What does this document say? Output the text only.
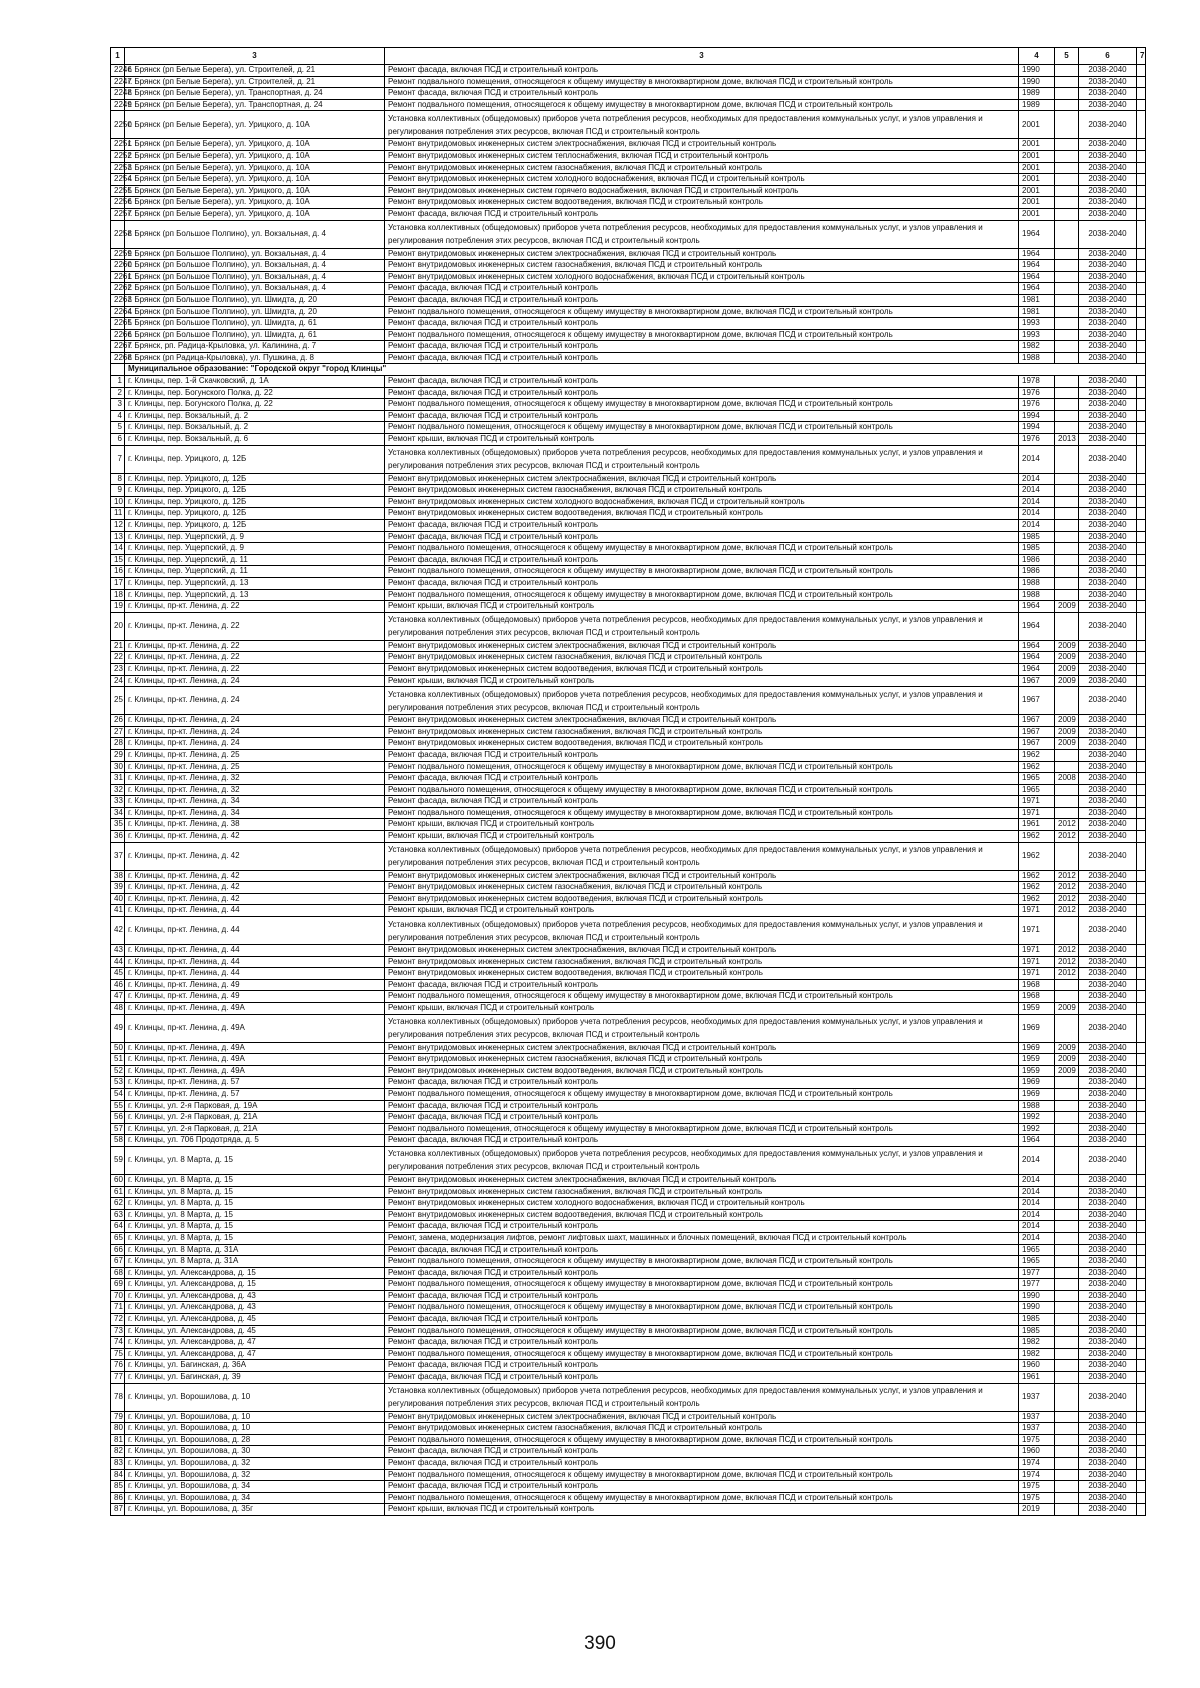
1	3	3	4	5	6	7
2246	г. Брянск (рп Белые Берега), ул. Строителей, д. 21	Ремонт фасада, включая ПСД и строительный контроль	1990		2038-2040	
2247	г. Брянск (рп Белые Берега), ул. Строителей, д. 21	Ремонт подвального помещения, относящегося к общему имуществу в многоквартирном доме, включая ПСД и строительный контроль	1990		2038-2040	
2248	г. Брянск (рп Белые Берега), ул. Транспортная, д. 24	Ремонт фасада, включая ПСД и строительный контроль	1989		2038-2040	
2249	г. Брянск (рп Белые Берега), ул. Транспортная, д. 24	Ремонт подвального помещения, относящегося к общему имуществу в многоквартирном доме, включая ПСД и строительный контроль	1989		2038-2040	
2250	г. Брянск (рп Белые Берега), ул. Урицкого, д. 10А	Установка коллективных (общедомовых) приборов учета потребления ресурсов, необходимых для предоставления коммунальных услуг, и узлов управления и регулирования потребления этих ресурсов, включая ПСД и строительный контроль	2001		2038-2040	
2251	г. Брянск (рп Белые Берега), ул. Урицкого, д. 10А	Ремонт внутридомовых инженерных систем электроснабжения, включая ПСД и строительный контроль	2001		2038-2040	
2252	г. Брянск (рп Белые Берега), ул. Урицкого, д. 10А	Ремонт внутридомовых инженерных систем теплоснабжения, включая ПСД и строительный контроль	2001		2038-2040	
2253	г. Брянск (рп Белые Берега), ул. Урицкого, д. 10А	Ремонт внутридомовых инженерных систем газоснабжения, включая ПСД и строительный контроль	2001		2038-2040	
2254	г. Брянск (рп Белые Берега), ул. Урицкого, д. 10А	Ремонт внутридомовых инженерных систем холодного водоснабжения, включая ПСД и строительный контроль	2001		2038-2040	
2255	г. Брянск (рп Белые Берега), ул. Урицкого, д. 10А	Ремонт внутридомовых инженерных систем горячего водоснабжения, включая ПСД и строительный контроль	2001		2038-2040	
2256	г. Брянск (рп Белые Берега), ул. Урицкого, д. 10А	Ремонт внутридомовых инженерных систем водоотведения, включая ПСД и строительный контроль	2001		2038-2040	
2257	г. Брянск (рп Белые Берега), ул. Урицкого, д. 10А	Ремонт фасада, включая ПСД и строительный контроль	2001		2038-2040	
2258	г. Брянск (рп Большое Полпино), ул. Вокзальная, д. 4	Установка коллективных (общедомовых) приборов учета потребления ресурсов, необходимых для предоставления коммунальных услуг, и узлов управления и регулирования потребления этих ресурсов, включая ПСД и строительный контроль	1964		2038-2040	
2259	г. Брянск (рп Большое Полпино), ул. Вокзальная, д. 4	Ремонт внутридомовых инженерных систем электроснабжения, включая ПСД и строительный контроль	1964		2038-2040	
2260	г. Брянск (рп Большое Полпино), ул. Вокзальная, д. 4	Ремонт внутридомовых инженерных систем газоснабжения, включая ПСД и строительный контроль	1964		2038-2040	
2261	г. Брянск (рп Большое Полпино), ул. Вокзальная, д. 4	Ремонт внутридомовых инженерных систем холодного водоснабжения, включая ПСД и строительный контроль	1964		2038-2040	
2262	г. Брянск (рп Большое Полпино), ул. Вокзальная, д. 4	Ремонт фасада, включая ПСД и строительный контроль	1964		2038-2040	
2263	г. Брянск (рп Большое Полпино), ул. Шмидта, д. 20	Ремонт фасада, включая ПСД и строительный контроль	1981		2038-2040	
2264	г. Брянск (рп Большое Полпино), ул. Шмидта, д. 20	Ремонт подвального помещения, относящегося к общему имуществу в многоквартирном доме, включая ПСД и строительный контроль	1981		2038-2040	
2265	г. Брянск (рп Большое Полпино), ул. Шмидта, д. 61	Ремонт фасада, включая ПСД и строительный контроль	1993		2038-2040	
2266	г. Брянск (рп Большое Полпино), ул. Шмидта, д. 61	Ремонт подвального помещения, относящегося к общему имуществу в многоквартирном доме, включая ПСД и строительный контроль	1993		2038-2040	
2267	г. Брянск, рп. Радица-Крыловка, ул. Калинина, д. 7	Ремонт фасада, включая ПСД и строительный контроль	1982		2038-2040	
2268	г. Брянск (рп Радица-Крыловка), ул. Пушкина, д. 8	Ремонт фасада, включая ПСД и строительный контроль	1988		2038-2040	
	Муниципальное образование: "Городской округ "город Клинцы"					
1	г. Клинцы, пер. 1-й Скачковский, д. 1А	Ремонт фасада, включая ПСД и строительный контроль	1978		2038-2040	
2	г. Клинцы, пер. Богунского Полка, д. 22	Ремонт фасада, включая ПСД и строительный контроль	1976		2038-2040	
3	г. Клинцы, пер. Богунского Полка, д. 22	Ремонт подвального помещения, относящегося к общему имуществу в многоквартирном доме, включая ПСД и строительный контроль	1976		2038-2040	
4	г. Клинцы, пер. Вокзальный, д. 2	Ремонт фасада, включая ПСД и строительный контроль	1994		2038-2040	
5	г. Клинцы, пер. Вокзальный, д. 2	Ремонт подвального помещения, относящегося к общему имуществу в многоквартирном доме, включая ПСД и строительный контроль	1994		2038-2040	
6	г. Клинцы, пер. Вокзальный, д. 6	Ремонт крыши, включая ПСД и строительный контроль	1976	2013	2038-2040	
7	г. Клинцы, пер. Урицкого, д. 12Б	Установка коллективных (общедомовых) приборов учета потребления ресурсов, необходимых для предоставления коммунальных услуг, и узлов управления и регулирования потребления этих ресурсов, включая ПСД и строительный контроль	2014		2038-2040	
8	г. Клинцы, пер. Урицкого, д. 12Б	Ремонт внутридомовых инженерных систем электроснабжения, включая ПСД и строительный контроль	2014		2038-2040	
9	г. Клинцы, пер. Урицкого, д. 12Б	Ремонт внутридомовых инженерных систем газоснабжения, включая ПСД и строительный контроль	2014		2038-2040	
10	г. Клинцы, пер. Урицкого, д. 12Б	Ремонт внутридомовых инженерных систем холодного водоснабжения, включая ПСД и строительный контроль	2014		2038-2040	
11	г. Клинцы, пер. Урицкого, д. 12Б	Ремонт внутридомовых инженерных систем водоотведения, включая ПСД и строительный контроль	2014		2038-2040	
12	г. Клинцы, пер. Урицкого, д. 12Б	Ремонт фасада, включая ПСД и строительный контроль	2014		2038-2040	
13	г. Клинцы, пер. Ущерпский, д. 9	Ремонт фасада, включая ПСД и строительный контроль	1985		2038-2040	
14	г. Клинцы, пер. Ущерпский, д. 9	Ремонт подвального помещения, относящегося к общему имуществу в многоквартирном доме, включая ПСД и строительный контроль	1985		2038-2040	
15	г. Клинцы, пер. Ущерпский, д. 11	Ремонт фасада, включая ПСД и строительный контроль	1986		2038-2040	
16	г. Клинцы, пер. Ущерпский, д. 11	Ремонт подвального помещения, относящегося к общему имуществу в многоквартирном доме, включая ПСД и строительный контроль	1986		2038-2040	
17	г. Клинцы, пер. Ущерпский, д. 13	Ремонт фасада, включая ПСД и строительный контроль	1988		2038-2040	
18	г. Клинцы, пер. Ущерпский, д. 13	Ремонт подвального помещения, относящегося к общему имуществу в многоквартирном доме, включая ПСД и строительный контроль	1988		2038-2040	
19	г. Клинцы, пр-кт. Ленина, д. 22	Ремонт крыши, включая ПСД и строительный контроль	1964	2009	2038-2040	
20	г. Клинцы, пр-кт. Ленина, д. 22	Установка коллективных (общедомовых) приборов учета потребления ресурсов, необходимых для предоставления коммунальных услуг, и узлов управления и регулирования потребления этих ресурсов, включая ПСД и строительный контроль	1964		2038-2040	
21	г. Клинцы, пр-кт. Ленина, д. 22	Ремонт внутридомовых инженерных систем электроснабжения, включая ПСД и строительный контроль	1964	2009	2038-2040	
22	г. Клинцы, пр-кт. Ленина, д. 22	Ремонт внутридомовых инженерных систем газоснабжения, включая ПСД и строительный контроль	1964	2009	2038-2040	
23	г. Клинцы, пр-кт. Ленина, д. 22	Ремонт внутридомовых инженерных систем водоотведения, включая ПСД и строительный контроль	1964	2009	2038-2040	
24	г. Клинцы, пр-кт. Ленина, д. 24	Ремонт крыши, включая ПСД и строительный контроль	1967	2009	2038-2040	
25	г. Клинцы, пр-кт. Ленина, д. 24	Установка коллективных (общедомовых) приборов учета потребления ресурсов, необходимых для предоставления коммунальных услуг, и узлов управления и регулирования потребления этих ресурсов, включая ПСД и строительный контроль	1967		2038-2040	
26	г. Клинцы, пр-кт. Ленина, д. 24	Ремонт внутридомовых инженерных систем электроснабжения, включая ПСД и строительный контроль	1967	2009	2038-2040	
27	г. Клинцы, пр-кт. Ленина, д. 24	Ремонт внутридомовых инженерных систем газоснабжения, включая ПСД и строительный контроль	1967	2009	2038-2040	
28	г. Клинцы, пр-кт. Ленина, д. 24	Ремонт внутридомовых инженерных систем водоотведения, включая ПСД и строительный контроль	1967	2009	2038-2040	
29	г. Клинцы, пр-кт. Ленина, д. 25	Ремонт фасада, включая ПСД и строительный контроль	1962		2038-2040	
30	г. Клинцы, пр-кт. Ленина, д. 25	Ремонт подвального помещения, относящегося к общему имуществу в многоквартирном доме, включая ПСД и строительный контроль	1962		2038-2040	
31	г. Клинцы, пр-кт. Ленина, д. 32	Ремонт фасада, включая ПСД и строительный контроль	1965	2008	2038-2040	
32	г. Клинцы, пр-кт. Ленина, д. 32	Ремонт подвального помещения, относящегося к общему имуществу в многоквартирном доме, включая ПСД и строительный контроль	1965		2038-2040	
33	г. Клинцы, пр-кт. Ленина, д. 34	Ремонт фасада, включая ПСД и строительный контроль	1971		2038-2040	
34	г. Клинцы, пр-кт. Ленина, д. 34	Ремонт подвального помещения, относящегося к общему имуществу в многоквартирном доме, включая ПСД и строительный контроль	1971		2038-2040	
35	г. Клинцы, пр-кт. Ленина, д. 38	Ремонт крыши, включая ПСД и строительный контроль	1961	2012	2038-2040	
36	г. Клинцы, пр-кт. Ленина, д. 42	Ремонт крыши, включая ПСД и строительный контроль	1962	2012	2038-2040	
37	г. Клинцы, пр-кт. Ленина, д. 42	Установка коллективных (общедомовых) приборов учета потребления ресурсов, необходимых для предоставления коммунальных услуг, и узлов управления и регулирования потребления этих ресурсов, включая ПСД и строительный контроль	1962		2038-2040	
38	г. Клинцы, пр-кт. Ленина, д. 42	Ремонт внутридомовых инженерных систем электроснабжения, включая ПСД и строительный контроль	1962	2012	2038-2040	
39	г. Клинцы, пр-кт. Ленина, д. 42	Ремонт внутридомовых инженерных систем газоснабжения, включая ПСД и строительный контроль	1962	2012	2038-2040	
40	г. Клинцы, пр-кт. Ленина, д. 42	Ремонт внутридомовых инженерных систем водоотведения, включая ПСД и строительный контроль	1962	2012	2038-2040	
41	г. Клинцы, пр-кт. Ленина, д. 44	Ремонт крыши, включая ПСД и строительный контроль	1971	2012	2038-2040	
42	г. Клинцы, пр-кт. Ленина, д. 44	Установка коллективных (общедомовых) приборов учета потребления ресурсов, необходимых для предоставления коммунальных услуг, и узлов управления и регулирования потребления этих ресурсов, включая ПСД и строительный контроль	1971		2038-2040	
43	г. Клинцы, пр-кт. Ленина, д. 44	Ремонт внутридомовых инженерных систем электроснабжения, включая ПСД и строительный контроль	1971	2012	2038-2040	
44	г. Клинцы, пр-кт. Ленина, д. 44	Ремонт внутридомовых инженерных систем газоснабжения, включая ПСД и строительный контроль	1971	2012	2038-2040	
45	г. Клинцы, пр-кт. Ленина, д. 44	Ремонт внутридомовых инженерных систем водоотведения, включая ПСД и строительный контроль	1971	2012	2038-2040	
46	г. Клинцы, пр-кт. Ленина, д. 49	Ремонт фасада, включая ПСД и строительный контроль	1968		2038-2040	
47	г. Клинцы, пр-кт. Ленина, д. 49	Ремонт подвального помещения, относящегося к общему имуществу в многоквартирном доме, включая ПСД и строительный контроль	1968		2038-2040	
48	г. Клинцы, пр-кт. Ленина, д. 49А	Ремонт крыши, включая ПСД и строительный контроль	1959	2009	2038-2040	
49	г. Клинцы, пр-кт. Ленина, д. 49А	Установка коллективных (общедомовых) приборов учета потребления ресурсов, необходимых для предоставления коммунальных услуг, и узлов управления и регулирования потребления этих ресурсов, включая ПСД и строительный контроль	1969		2038-2040	
50	г. Клинцы, пр-кт. Ленина, д. 49А	Ремонт внутридомовых инженерных систем электроснабжения, включая ПСД и строительный контроль	1969	2009	2038-2040	
51	г. Клинцы, пр-кт. Ленина, д. 49А	Ремонт внутридомовых инженерных систем газоснабжения, включая ПСД и строительный контроль	1959	2009	2038-2040	
52	г. Клинцы, пр-кт. Ленина, д. 49А	Ремонт внутридомовых инженерных систем водоотведения, включая ПСД и строительный контроль	1959	2009	2038-2040	
53	г. Клинцы, пр-кт. Ленина, д. 57	Ремонт фасада, включая ПСД и строительный контроль	1969		2038-2040	
54	г. Клинцы, пр-кт. Ленина, д. 57	Ремонт подвального помещения, относящегося к общему имуществу в многоквартирном доме, включая ПСД и строительный контроль	1969		2038-2040	
55	г. Клинцы, ул. 2-я Парковая, д. 19А	Ремонт фасада, включая ПСД и строительный контроль	1988		2038-2040	
56	г. Клинцы, ул. 2-я Парковая, д. 21А	Ремонт фасада, включая ПСД и строительный контроль	1992		2038-2040	
57	г. Клинцы, ул. 2-я Парковая, д. 21А	Ремонт подвального помещения, относящегося к общему имуществу в многоквартирном доме, включая ПСД и строительный контроль	1992		2038-2040	
58	г. Клинцы, ул. 706 Продотряда, д. 5	Ремонт фасада, включая ПСД и строительный контроль	1964		2038-2040	
59	г. Клинцы, ул. 8 Марта, д. 15	Установка коллективных (общедомовых) приборов учета потребления ресурсов, необходимых для предоставления коммунальных услуг, и узлов управления и регулирования потребления этих ресурсов, включая ПСД и строительный контроль	2014		2038-2040	
60	г. Клинцы, ул. 8 Марта, д. 15	Ремонт внутридомовых инженерных систем электроснабжения, включая ПСД и строительный контроль	2014		2038-2040	
61	г. Клинцы, ул. 8 Марта, д. 15	Ремонт внутридомовых инженерных систем газоснабжения, включая ПСД и строительный контроль	2014		2038-2040	
62	г. Клинцы, ул. 8 Марта, д. 15	Ремонт внутридомовых инженерных систем холодного водоснабжения, включая ПСД и строительный контроль	2014		2038-2040	
63	г. Клинцы, ул. 8 Марта, д. 15	Ремонт внутридомовых инженерных систем водоотведения, включая ПСД и строительный контроль	2014		2038-2040	
64	г. Клинцы, ул. 8 Марта, д. 15	Ремонт фасада, включая ПСД и строительный контроль	2014		2038-2040	
65	г. Клинцы, ул. 8 Марта, д. 15	Ремонт, замена, модернизация лифтов, ремонт лифтовых шахт, машинных и блочных помещений, включая ПСД и строительный контроль	2014		2038-2040	
66	г. Клинцы, ул. 8 Марта, д. 31А	Ремонт фасада, включая ПСД и строительный контроль	1965		2038-2040	
67	г. Клинцы, ул. 8 Марта, д. 31А	Ремонт подвального помещения, относящегося к общему имуществу в многоквартирном доме, включая ПСД и строительный контроль	1965		2038-2040	
68	г. Клинцы, ул. Александрова, д. 15	Ремонт фасада, включая ПСД и строительный контроль	1977		2038-2040	
69	г. Клинцы, ул. Александрова, д. 15	Ремонт подвального помещения, относящегося к общему имуществу в многоквартирном доме, включая ПСД и строительный контроль	1977		2038-2040	
70	г. Клинцы, ул. Александрова, д. 43	Ремонт фасада, включая ПСД и строительный контроль	1990		2038-2040	
71	г. Клинцы, ул. Александрова, д. 43	Ремонт подвального помещения, относящегося к общему имуществу в многоквартирном доме, включая ПСД и строительный контроль	1990		2038-2040	
72	г. Клинцы, ул. Александрова, д. 45	Ремонт фасада, включая ПСД и строительный контроль	1985		2038-2040	
73	г. Клинцы, ул. Александрова, д. 45	Ремонт подвального помещения, относящегося к общему имуществу в многоквартирном доме, включая ПСД и строительный контроль	1985		2038-2040	
74	г. Клинцы, ул. Александрова, д. 47	Ремонт фасада, включая ПСД и строительный контроль	1982		2038-2040	
75	г. Клинцы, ул. Александрова, д. 47	Ремонт подвального помещения, относящегося к общему имуществу в многоквартирном доме, включая ПСД и строительный контроль	1982		2038-2040	
76	г. Клинцы, ул. Багинская, д. 36А	Ремонт фасада, включая ПСД и строительный контроль	1960		2038-2040	
77	г. Клинцы, ул. Багинская, д. 39	Ремонт фасада, включая ПСД и строительный контроль	1961		2038-2040	
78	г. Клинцы, ул. Ворошилова, д. 10	Установка коллективных (общедомовых) приборов учета потребления ресурсов, необходимых для предоставления коммунальных услуг, и узлов управления и регулирования потребления этих ресурсов, включая ПСД и строительный контроль	1937		2038-2040	
79	г. Клинцы, ул. Ворошилова, д. 10	Ремонт внутридомовых инженерных систем электроснабжения, включая ПСД и строительный контроль	1937		2038-2040	
80	г. Клинцы, ул. Ворошилова, д. 10	Ремонт внутридомовых инженерных систем газоснабжения, включая ПСД и строительный контроль	1937		2038-2040	
81	г. Клинцы, ул. Ворошилова, д. 28	Ремонт подвального помещения, относящегося к общему имуществу в многоквартирном доме, включая ПСД и строительный контроль	1975		2038-2040	
82	г. Клинцы, ул. Ворошилова, д. 30	Ремонт фасада, включая ПСД и строительный контроль	1960		2038-2040	
83	г. Клинцы, ул. Ворошилова, д. 32	Ремонт фасада, включая ПСД и строительный контроль	1974		2038-2040	
84	г. Клинцы, ул. Ворошилова, д. 32	Ремонт подвального помещения, относящегося к общему имуществу в многоквартирном доме, включая ПСД и строительный контроль	1974		2038-2040	
85	г. Клинцы, ул. Ворошилова, д. 34	Ремонт фасада, включая ПСД и строительный контроль	1975		2038-2040	
86	г. Клинцы, ул. Ворошилова, д. 34	Ремонт подвального помещения, относящегося к общему имуществу в многоквартирном доме, включая ПСД и строительный контроль	1975		2038-2040	
87	г. Клинцы, ул. Ворошилова, д. 35г	Ремонт крыши, включая ПСД и строительный контроль	2019		2038-2040	
390
